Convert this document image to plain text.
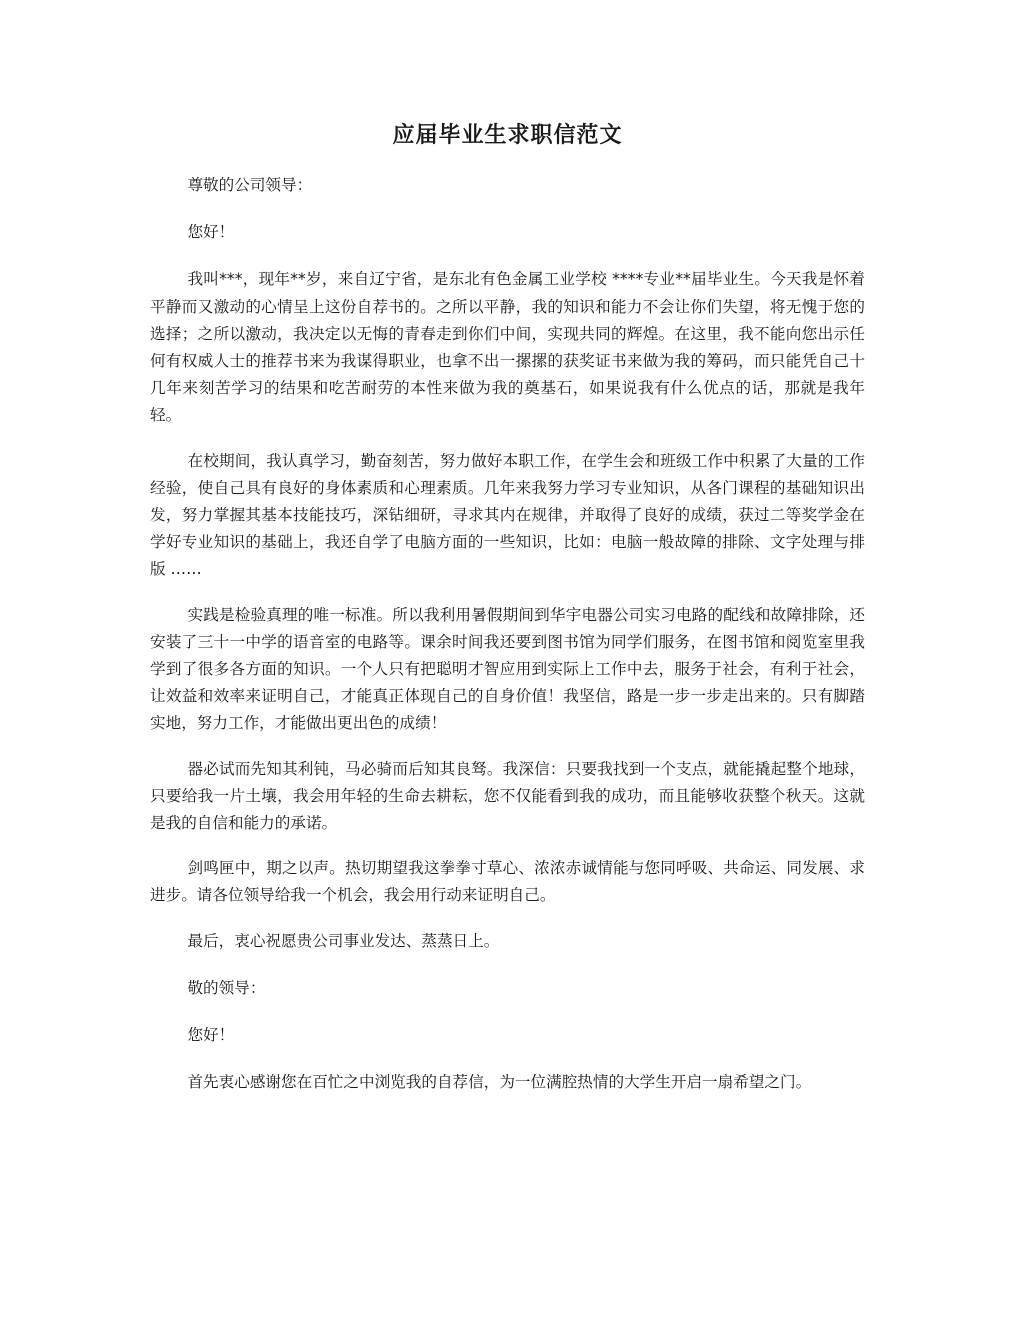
应届毕业生求职信范文

尊敬的公司领导：

您好！

我叫***，现年**岁，来自辽宁省，是东北有色金属工业学校 ****专业**届毕业生。今天我是怀着平静而又激动的心情呈上这份自荐书的。之所以平静，我的知识和能力不会让你们失望，将无愧于您的选择；之所以激动，我决定以无悔的青春走到你们中间，实现共同的辉煌。在这里，我不能向您出示任何有权威人士的推荐书来为我谋得职业，也拿不出一摞摞的获奖证书来做为我的筹码，而只能凭自己十几年来刻苦学习的结果和吃苦耐劳的本性来做为我的奠基石，如果说我有什么优点的话，那就是我年轻。

在校期间，我认真学习，勤奋刻苦，努力做好本职工作，在学生会和班级工作中积累了大量的工作经验，使自己具有良好的身体素质和心理素质。几年来我努力学习专业知识，从各门课程的基础知识出发，努力掌握其基本技能技巧，深钻细研，寻求其内在规律，并取得了良好的成绩，获过二等奖学金在学好专业知识的基础上，我还自学了电脑方面的一些知识，比如：电脑一般故障的排除、文字处理与排版 ……

实践是检验真理的唯一标准。所以我利用暑假期间到华宇电器公司实习电路的配线和故障排除，还安装了三十一中学的语音室的电路等。课余时间我还要到图书馆为同学们服务，在图书馆和阅览室里我学到了很多各方面的知识。一个人只有把聪明才智应用到实际上工作中去，服务于社会，有利于社会，让效益和效率来证明自己，才能真正体现自己的自身价值！我坚信，路是一步一步走出来的。只有脚踏实地，努力工作，才能做出更出色的成绩！

器必试而先知其利钝，马必骑而后知其良驽。我深信：只要我找到一个支点，就能撬起整个地球，只要给我一片土壤，我会用年轻的生命去耕耘，您不仅能看到我的成功，而且能够收获整个秋天。这就是我的自信和能力的承诺。

剑鸣匣中，期之以声。热切期望我这拳拳寸草心、浓浓赤诚情能与您同呼吸、共命运、同发展、求进步。请各位领导给我一个机会，我会用行动来证明自己。

最后，衷心祝愿贵公司事业发达、蒸蒸日上。

敬的领导：

您好！

首先衷心感谢您在百忙之中浏览我的自荐信，为一位满腔热情的大学生开启一扇希望之门。
